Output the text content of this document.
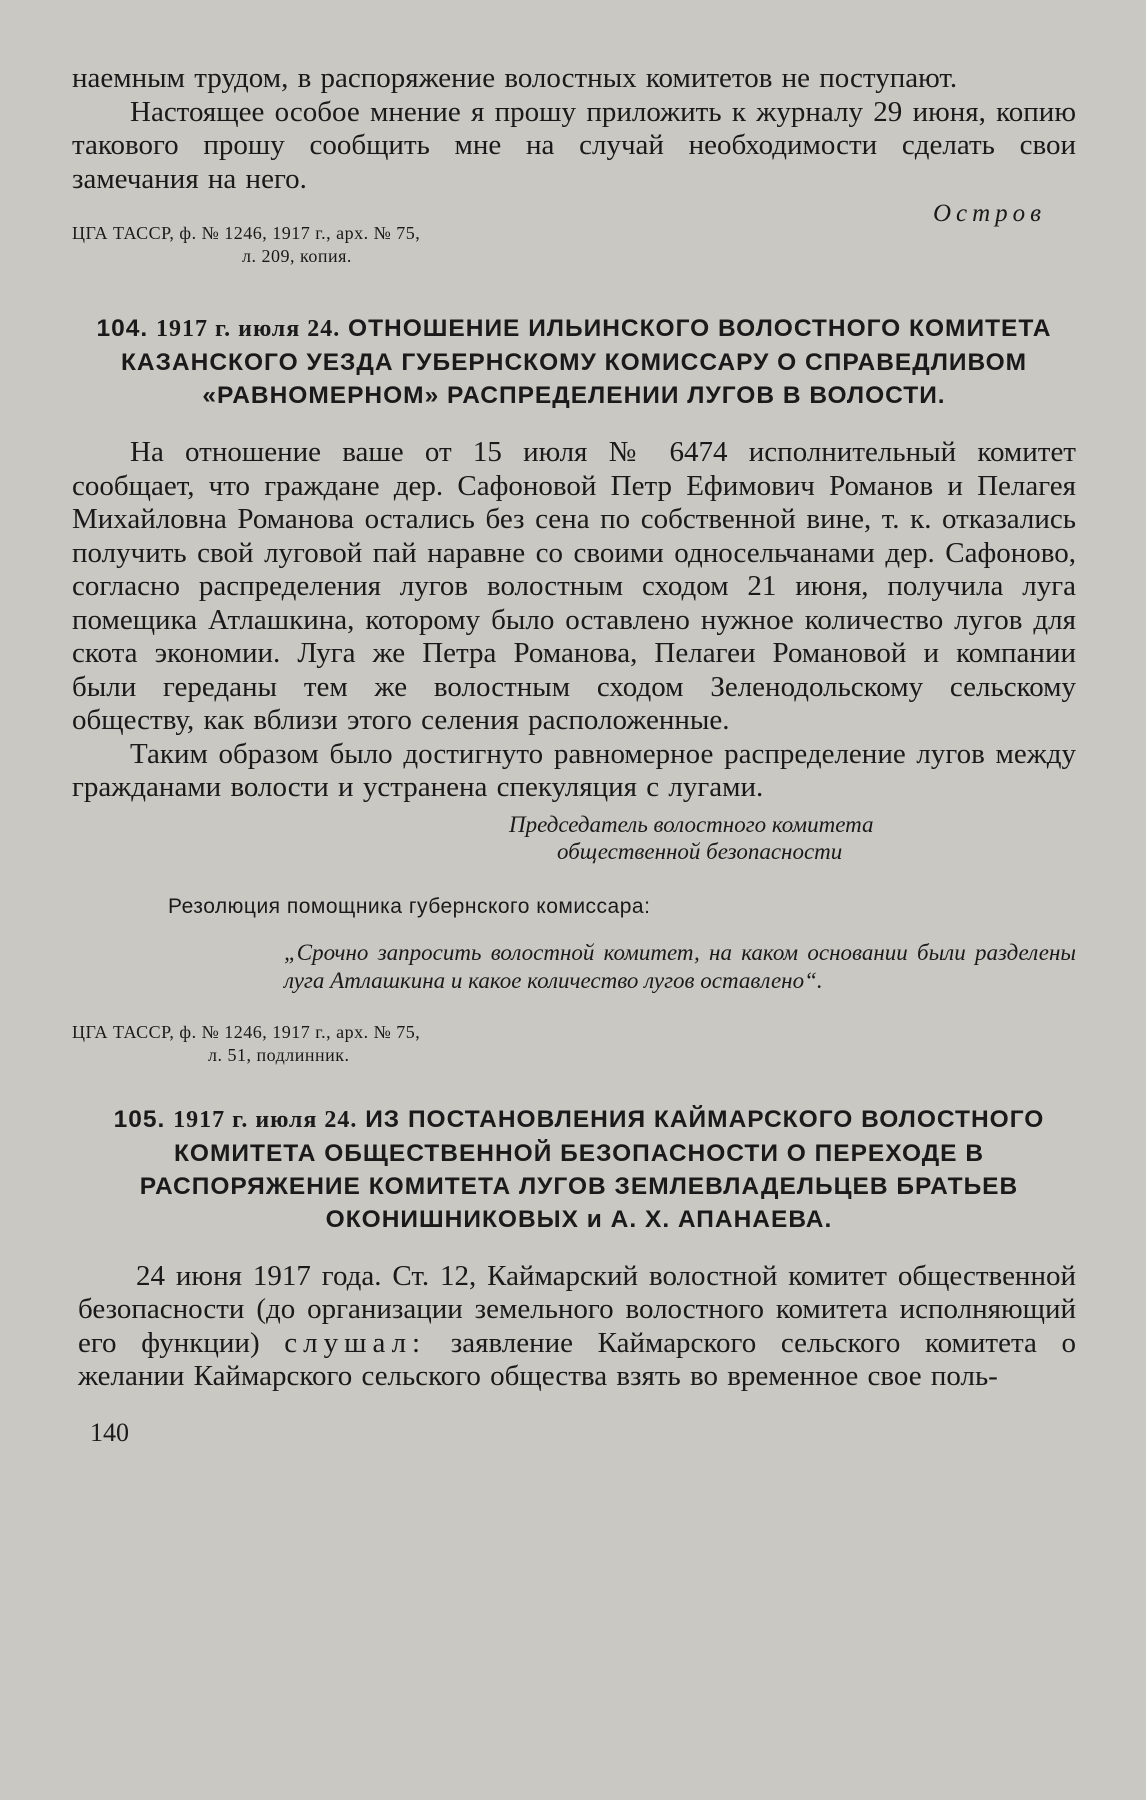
наемным трудом, в распоряжение волостных комитетов не поступают.

Настоящее особое мнение я прошу приложить к журналу 29 июня, копию такового прошу сообщить мне на случай необходимости сделать свои замечания на него.

Остров

ЦГА ТАССР, ф. № 1246, 1917 г., арх. № 75,
л. 209, копия.

104. 1917 г. июля 24. ОТНОШЕНИЕ ИЛЬИНСКОГО ВОЛОСТНОГО КОМИТЕТА КАЗАНСКОГО УЕЗДА ГУБЕРНСКОМУ КОМИССАРУ О СПРАВЕДЛИВОМ «РАВНОМЕРНОМ» РАСПРЕДЕЛЕНИИ ЛУГОВ В ВОЛОСТИ.

На отношение ваше от 15 июля № 6474 исполнительный комитет сообщает, что граждане дер. Сафоновой Петр Ефимович Романов и Пелагея Михайловна Романова остались без сена по собственной вине, т. к. отказались получить свой луговой пай наравне со своими односельчанами дер. Сафоново, согласно распределения лугов волостным сходом 21 июня, получила луга помещика Атлашкина, которому было оставлено нужное количество лугов для скота экономии. Луга же Петра Романова, Пелагеи Романовой и компании были гереданы тем же волостным сходом Зеленодольскому сельскому обществу, как вблизи этого селения расположенные.

Таким образом было достигнуто равномерное распределение лугов между гражданами волости и устранена спекуляция с лугами.

Председатель волостного комитета
общественной безопасности

Резолюция помощника губернского комиссара:

„Срочно запросить волостной комитет, на каком основании были разделены луга Атлашкина и какое количество лугов оставлено“.

ЦГА ТАССР, ф. № 1246, 1917 г., арх. № 75,
л. 51, подлинник.

105. 1917 г. июля 24. ИЗ ПОСТАНОВЛЕНИЯ КАЙМАРСКОГО ВОЛОСТНОГО КОМИТЕТА ОБЩЕСТВЕННОЙ БЕЗОПАСНОСТИ О ПЕРЕХОДЕ В РАСПОРЯЖЕНИЕ КОМИТЕТА ЛУГОВ ЗЕМЛЕВЛАДЕЛЬЦЕВ БРАТЬЕВ ОКОНИШНИКОВЫХ и А. Х. АПАНАЕВА.

24 июня 1917 года. Ст. 12, Каймарский волостной комитет общественной безопасности (до организации земельного волостного комитета исполняющий его функции) слушал: заявление Каймарского сельского комитета о желании Каймарского сельского общества взять во временное свое поль-

140
